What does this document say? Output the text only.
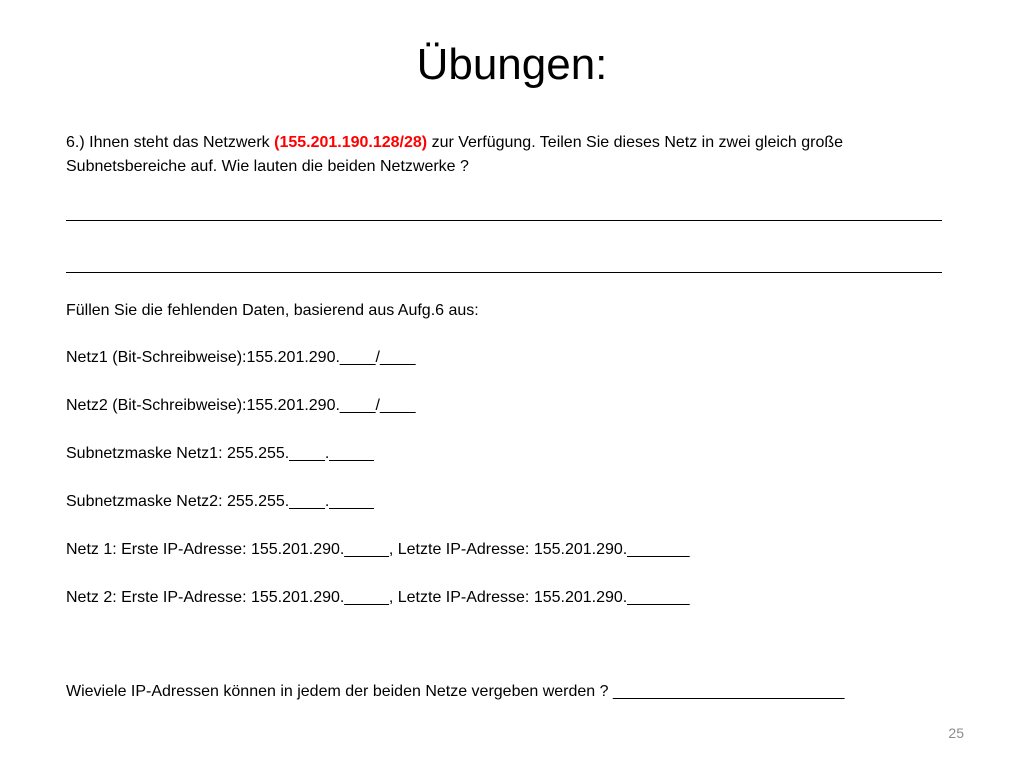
Übungen:
6.) Ihnen steht das Netzwerk (155.201.190.128/28) zur Verfügung. Teilen Sie dieses Netz in zwei gleich große
Subnetsbereiche auf. Wie lauten die beiden Netzwerke ?
Füllen Sie die fehlenden Daten, basierend aus Aufg.6 aus:
Netz1 (Bit-Schreibweise):155.201.290.____/____
Netz2 (Bit-Schreibweise):155.201.290.____/____
Subnetzmaske Netz1: 255.255.____._____
Subnetzmaske Netz2: 255.255.____._____
Netz 1: Erste IP-Adresse: 155.201.290._____, Letzte IP-Adresse: 155.201.290._______
Netz 2: Erste IP-Adresse: 155.201.290._____, Letzte IP-Adresse: 155.201.290._______
Wieviele IP-Adressen können in jedem der beiden Netze vergeben werden ? __________________________
25
